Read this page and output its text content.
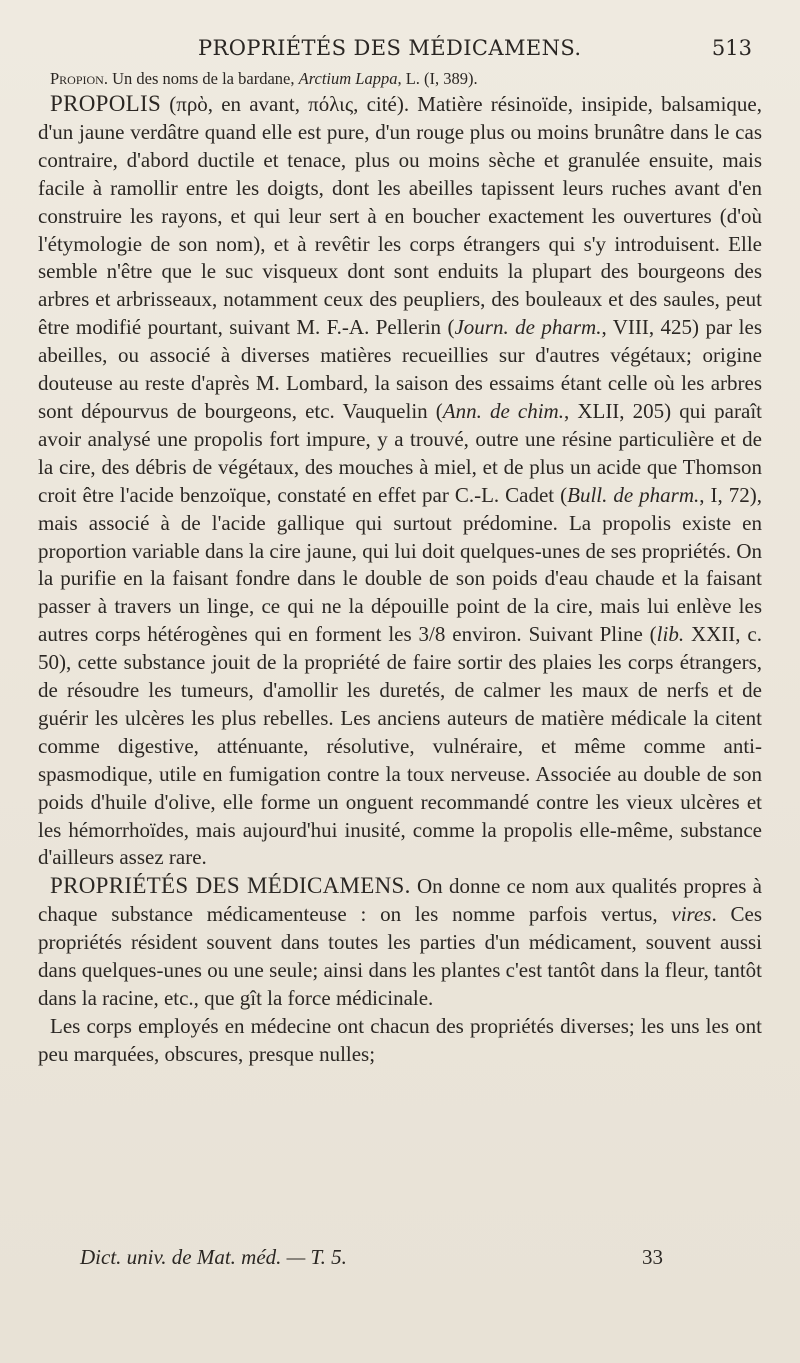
PROPRIÉTÉS DES MÉDICAMENS.	513

Propion. Un des noms de la bardane, Arctium Lappa, L. (I, 389).

PROPOLIS (πρὸ, en avant, πόλις, cité). Matière résinoïde, insipide, balsamique, d'un jaune verdâtre quand elle est pure, d'un rouge plus ou moins brunâtre dans le cas contraire, d'abord ductile et tenace, plus ou moins sèche et granulée ensuite, mais facile à ramollir entre les doigts, dont les abeilles tapissent leurs ruches avant d'en construire les rayons, et qui leur sert à en boucher exactement les ouvertures (d'où l'étymologie de son nom), et à revêtir les corps étrangers qui s'y introduisent. Elle semble n'être que le suc visqueux dont sont enduits la plupart des bourgeons des arbres et arbrisseaux, notamment ceux des peupliers, des bouleaux et des saules, peut être modifié pourtant, suivant M. F.-A. Pellerin (Journ. de pharm., VIII, 425) par les abeilles, ou associé à diverses matières recueillies sur d'autres végétaux; origine douteuse au reste d'après M. Lombard, la saison des essaims étant celle où les arbres sont dépourvus de bourgeons, etc. Vauquelin (Ann. de chim., XLII, 205) qui paraît avoir analysé une propolis fort impure, y a trouvé, outre une résine particulière et de la cire, des débris de végétaux, des mouches à miel, et de plus un acide que Thomson croit être l'acide benzoïque, constaté en effet par C.-L. Cadet (Bull. de pharm., I, 72), mais associé à de l'acide gallique qui surtout prédomine. La propolis existe en proportion variable dans la cire jaune, qui lui doit quelques-unes de ses propriétés. On la purifie en la faisant fondre dans le double de son poids d'eau chaude et la faisant passer à travers un linge, ce qui ne la dépouille point de la cire, mais lui enlève les autres corps hétérogènes qui en forment les 3/8 environ. Suivant Pline (lib. XXII, c. 50), cette substance jouit de la propriété de faire sortir des plaies les corps étrangers, de résoudre les tumeurs, d'amollir les duretés, de calmer les maux de nerfs et de guérir les ulcères les plus rebelles. Les anciens auteurs de matière médicale la citent comme digestive, atténuante, résolutive, vulnéraire, et même comme anti-spasmodique, utile en fumigation contre la toux nerveuse. Associée au double de son poids d'huile d'olive, elle forme un onguent recommandé contre les vieux ulcères et les hémorrhoïdes, mais aujourd'hui inusité, comme la propolis elle-même, substance d'ailleurs assez rare.

PROPRIÉTÉS DES MÉDICAMENS. On donne ce nom aux qualités propres à chaque substance médicamenteuse : on les nomme parfois vertus, vires. Ces propriétés résident souvent dans toutes les parties d'un médicament, souvent aussi dans quelques-unes ou une seule; ainsi dans les plantes c'est tantôt dans la fleur, tantôt dans la racine, etc., que gît la force médicinale.

Les corps employés en médecine ont chacun des propriétés diverses; les uns les ont peu marquées, obscures, presque nulles;

Dict. univ. de Mat. méd. — T. 5.	33
